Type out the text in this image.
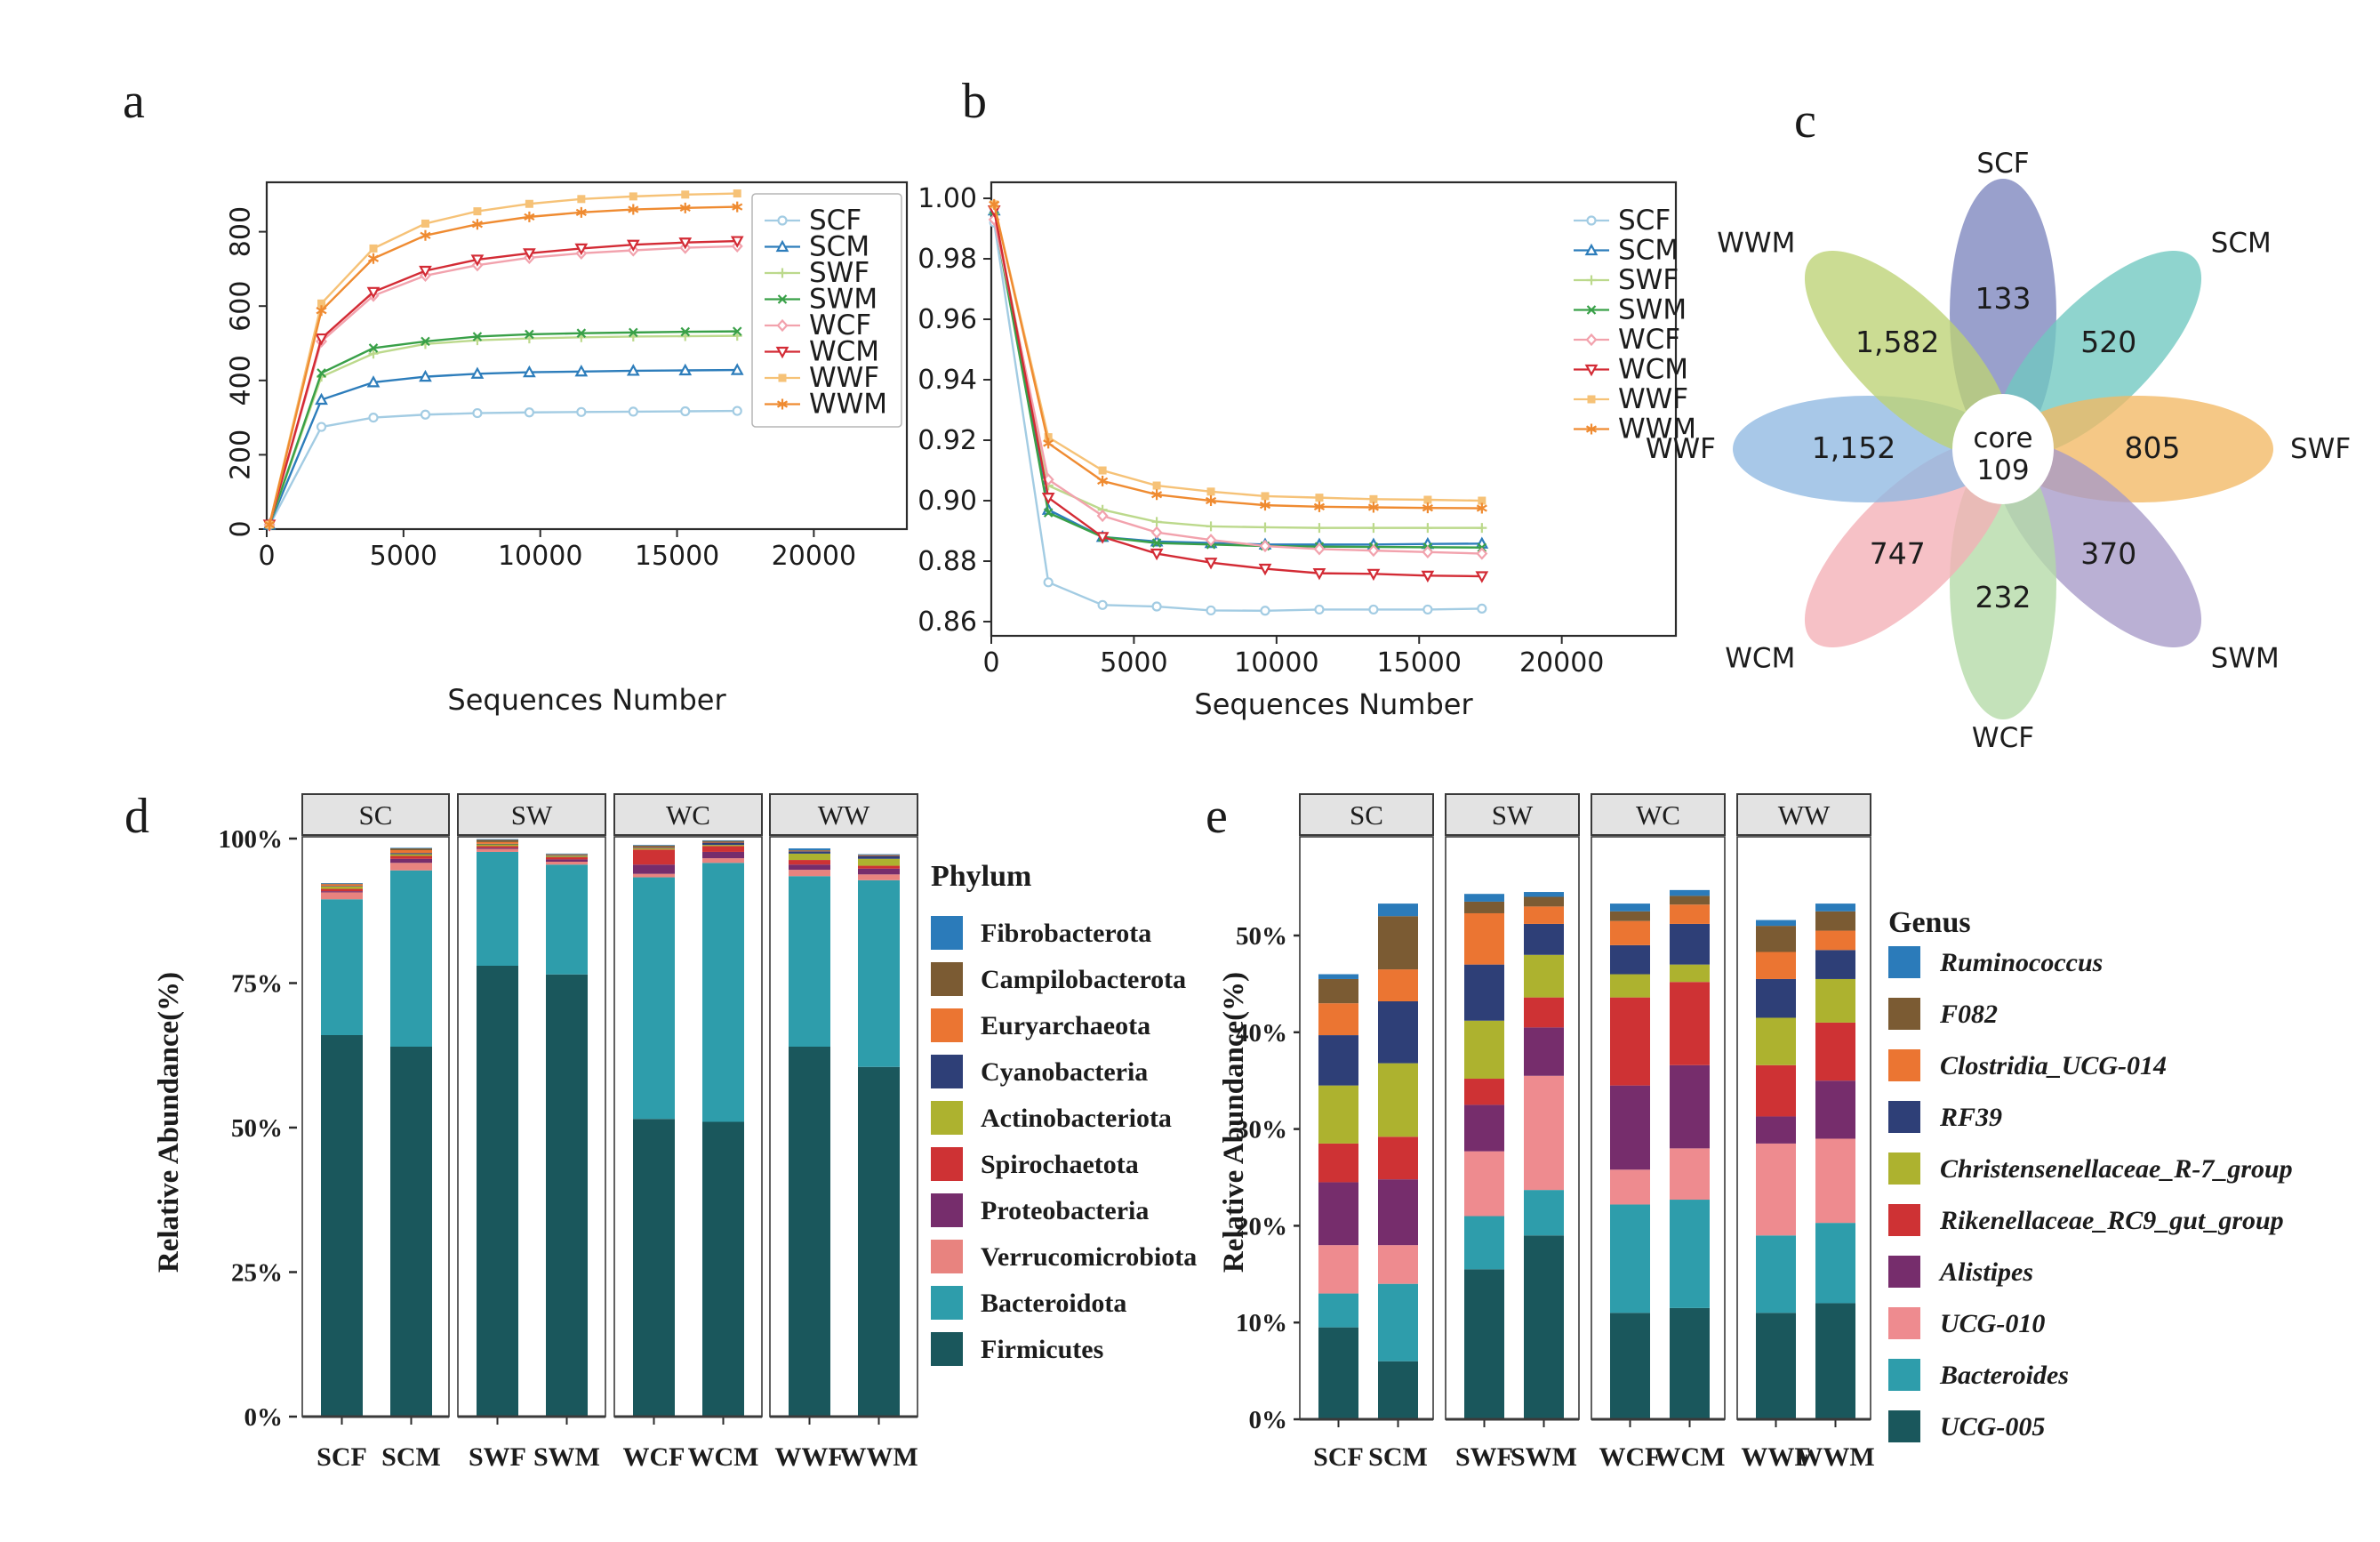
a	b	c
d	e
0	5000 10000 15000 20000
0
200
400
600
800
Sequences Number
SCF
SCM
SWF
SWM
WCF
WCM
WWF
WWM
0	5000 10000 15000 20000
1.00
0.98
0.96
0.94
0.92
0.90
0.88
0.86
Sequences Number
SCF
SCM
SWF
SWM
WCF
WCM
WWF
WWM	core
109
133
SCF
520
SCM
805	SWF
370
SWM
232
WCF
747
WCM
1,152
WWF
1,582
WWM
Relative Abundance(%)
0%
25%
50%
75%
100%
SC
SCF SCM
SW
SWF SWM
WC
WCF WCM
WW
WWF
WWM
Phylum
Fibrobacterota
Campilobacterota
Euryarchaeota
Cyanobacteria
Actinobacteriota
Spirochaetota
Proteobacteria
Verrucomicrobiota
Bacteroidota
Firmicutes
Relative Abundance(%)
0%
10%
20%
30%
40%
50%
SC
SCF SCM
SW
SWF
SWM
WC
WCF
WCM
WW
WWF
WWM
Genus
Ruminococcus
F082
Clostridia_UCG-014
RF39
Christensenellaceae_R-7_group
Rikenellaceae_RC9_gut_group
Alistipes
UCG-010
Bacteroides
UCG-005
